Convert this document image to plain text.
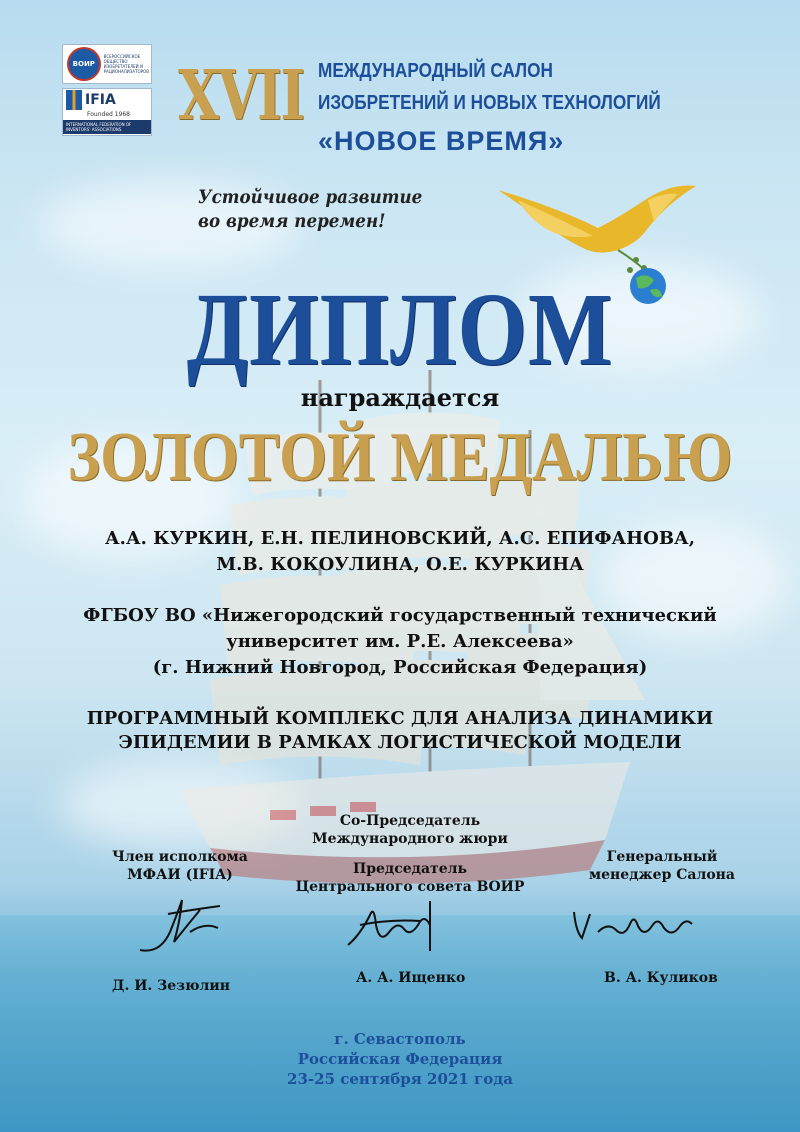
ВОИР
ВСЕРОССИЙСКОЕ ОБЩЕСТВО ИЗОБРЕТАТЕЛЕЙ И РАЦИОНАЛИЗАТОРОВ
IFIA
Founded 1968
INTERNATIONAL FEDERATION OF INVENTORS' ASSOCIATIONS XVII МЕЖДУНАРОДНЫЙ САЛОН
ИЗОБРЕТЕНИЙ И НОВЫХ ТЕХНОЛОГИЙ
«НОВОЕ ВРЕМЯ»
Устойчивое развитие
во время перемен!
ДИПЛОМ
награждается
ЗОЛОТОЙ МЕДАЛЬЮ
А.А. КУРКИН, Е.Н. ПЕЛИНОВСКИЙ, А.С. ЕПИФАНОВА,
М.В. КОКОУЛИНА, О.Е. КУРКИНА
ФГБОУ ВО «Нижегородский государственный технический
университет им. Р.Е. Алексеева»
(г. Нижний Новгород, Российская Федерация)
ПРОГРАММНЫЙ КОМПЛЕКС ДЛЯ АНАЛИЗА ДИНАМИКИ
ЭПИДЕМИИ В РАМКАХ ЛОГИСТИЧЕСКОЙ МОДЕЛИ
Со-Председатель
Международного жюри
Член исполкома
МФАИ (IFIA)	Председатель
Центрального совета ВОИР
Генеральный
менеджер Салона
Д. И. Зезюлин	А. А. Ищенко	В. А. Куликов
г. Севастополь
Российская Федерация
23-25 сентября 2021 года
